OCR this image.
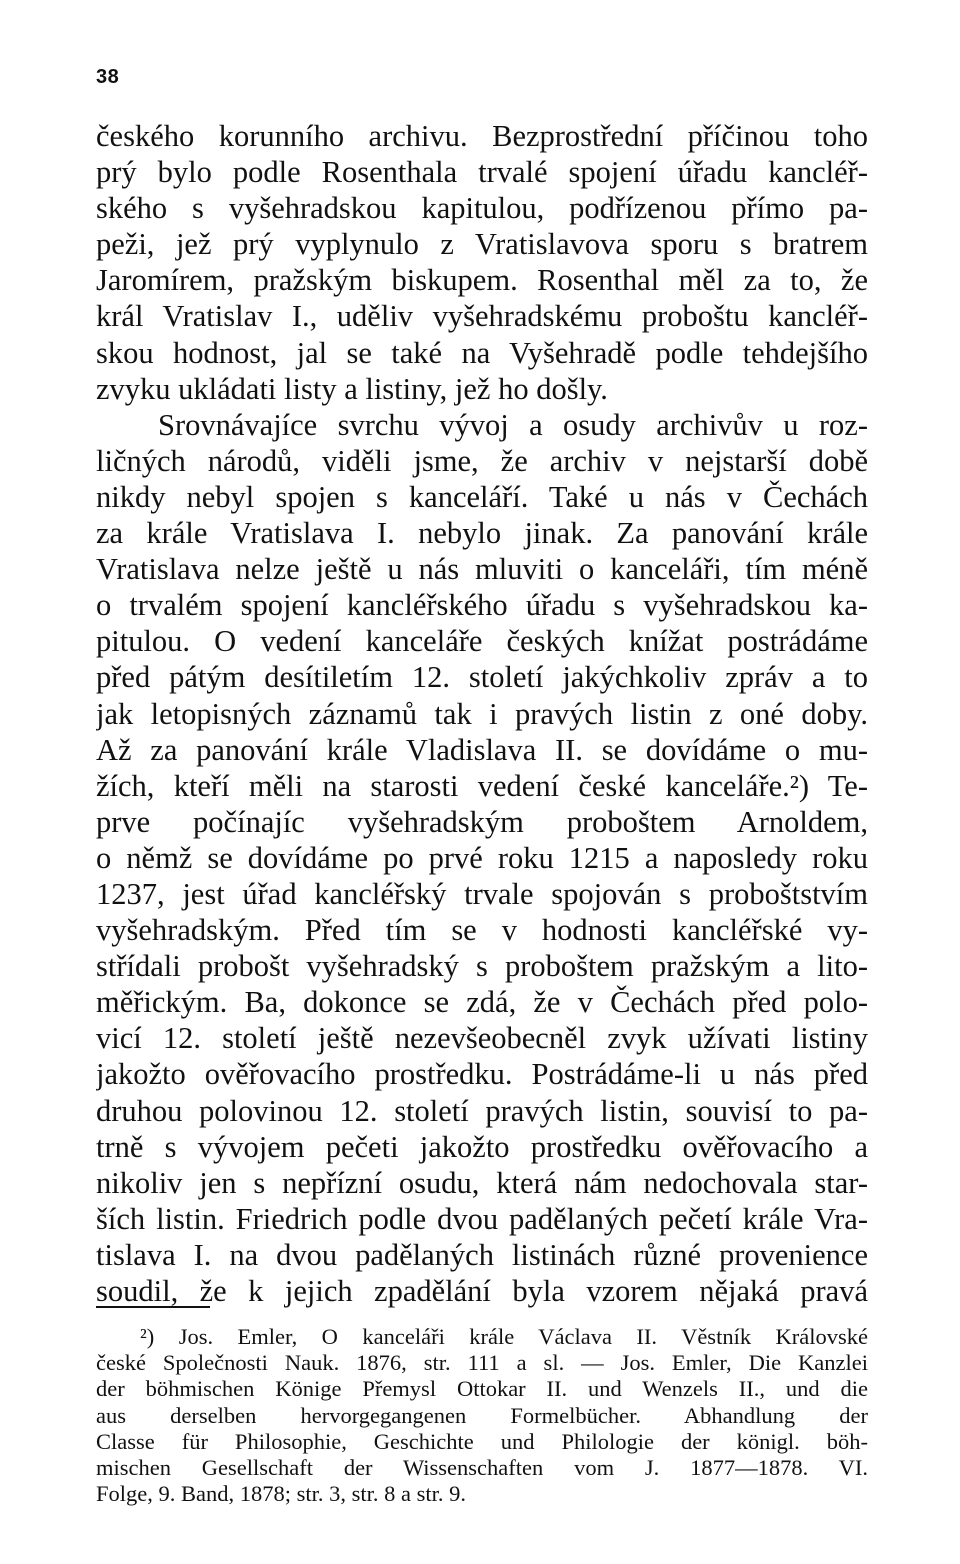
38
českého korunního archivu. Bezprostřední příčinou toho
prý bylo podle Rosenthala trvalé spojení úřadu kancléř-
ského s vyšehradskou kapitulou, podřízenou přímo pa-
peži, jež prý vyplynulo z Vratislavova sporu s bratrem
Jaromírem, pražským biskupem. Rosenthal měl za to, že
král Vratislav I., uděliv vyšehradskému proboštu kancléř-
skou hodnost, jal se také na Vyšehradě podle tehdejšího
zvyku ukládati listy a listiny, jež ho došly.
Srovnávajíce svrchu vývoj a osudy archivův u roz-
ličných národů, viděli jsme, že archiv v nejstarší době
nikdy nebyl spojen s kanceláří. Také u nás v Čechách
za krále Vratislava I. nebylo jinak. Za panování krále
Vratislava nelze ještě u nás mluviti o kanceláři, tím méně
o trvalém spojení kancléřského úřadu s vyšehradskou ka-
pitulou. O vedení kanceláře českých knížat postrádáme
před pátým desítiletím 12. století jakýchkoliv zpráv a to
jak letopisných záznamů tak i pravých listin z oné doby.
Až za panování krále Vladislava II. se dovídáme o mu-
žích, kteří měli na starosti vedení české kanceláře.²) Te-
prve počínajíc vyšehradským proboštem Arnoldem,
o němž se dovídáme po prvé roku 1215 a naposledy roku
1237, jest úřad kancléřský trvale spojován s proboštstvím
vyšehradským. Před tím se v hodnosti kancléřské vy-
střídali probošt vyšehradský s proboštem pražským a lito-
měřickým. Ba, dokonce se zdá, že v Čechách před polo-
vicí 12. století ještě nezevšeobecněl zvyk užívati listiny
jakožto ověřovacího prostředku. Postrádáme-li u nás před
druhou polovinou 12. století pravých listin, souvisí to pa-
trně s vývojem pečeti jakožto prostředku ověřovacího a
nikoliv jen s nepřízní osudu, která nám nedochovala star-
ších listin. Friedrich podle dvou padělaných pečetí krále Vra-
tislava I. na dvou padělaných listinách různé provenience
soudil, že k jejich zpadělání byla vzorem nějaká pravá
²) Jos. Emler, O kanceláři krále Václava II. Věstník Královské
české Společnosti Nauk. 1876, str. 111 a sl. — Jos. Emler, Die Kanzlei
der böhmischen Könige Přemysl Ottokar II. und Wenzels II., und die
aus derselben hervorgegangenen Formelbücher. Abhandlung der
Classe für Philosophie, Geschichte und Philologie der königl. böh-
mischen Gesellschaft der Wissenschaften vom J. 1877—1878. VI.
Folge, 9. Band, 1878; str. 3, str. 8 a str. 9.
